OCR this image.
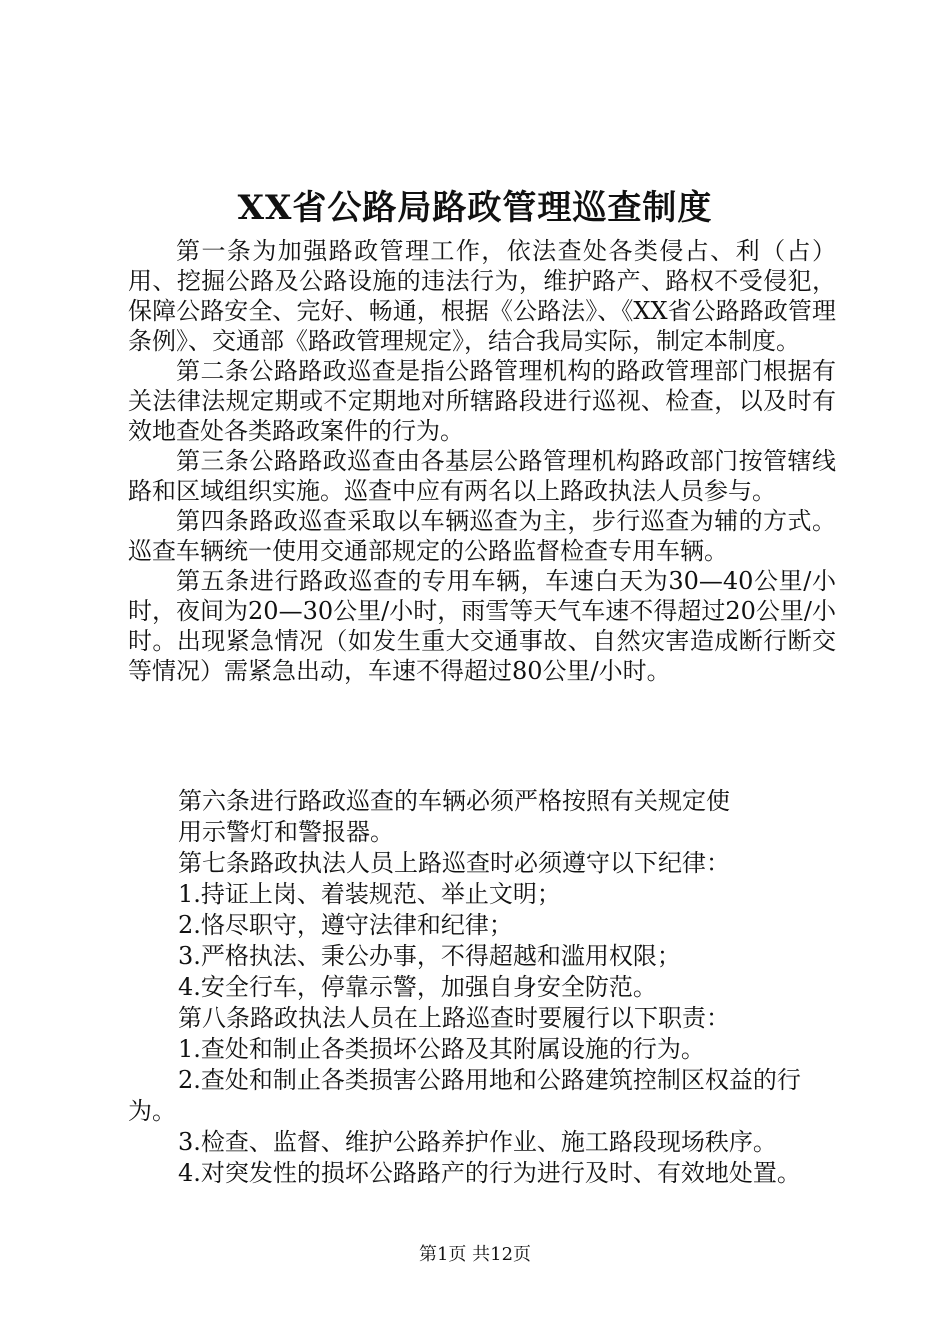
XX省公路局路政管理巡查制度

第一条为加强路政管理工作，依法查处各类侵占、利（占）用、挖掘公路及公路设施的违法行为，维护路产、路权不受侵犯，保障公路安全、完好、畅通，根据《公路法》、《XX省公路路政管理条例》、交通部《路政管理规定》，结合我局实际，制定本制度。

第二条公路路政巡查是指公路管理机构的路政管理部门根据有关法律法规定期或不定期地对所辖路段进行巡视、检查，以及时有效地查处各类路政案件的行为。

第三条公路路政巡查由各基层公路管理机构路政部门按管辖线路和区域组织实施。巡查中应有两名以上路政执法人员参与。

第四条路政巡查采取以车辆巡查为主，步行巡查为辅的方式。巡查车辆统一使用交通部规定的公路监督检查专用车辆。

第五条进行路政巡查的专用车辆，车速白天为30—40公里/小时，夜间为20—30公里/小时，雨雪等天气车速不得超过20公里/小时。出现紧急情况（如发生重大交通事故、自然灾害造成断行断交等情况）需紧急出动，车速不得超过80公里/小时。

第六条进行路政巡查的车辆必须严格按照有关规定使

用示警灯和警报器。

第七条路政执法人员上路巡查时必须遵守以下纪律：

1.持证上岗、着装规范、举止文明；

2.恪尽职守，遵守法律和纪律；

3.严格执法、秉公办事，不得超越和滥用权限；

4.安全行车，停靠示警，加强自身安全防范。

第八条路政执法人员在上路巡查时要履行以下职责：

1.查处和制止各类损坏公路及其附属设施的行为。

2.查处和制止各类损害公路用地和公路建筑控制区权益的行为。

3.检查、监督、维护公路养护作业、施工路段现场秩序。

4.对突发性的损坏公路路产的行为进行及时、有效地处置。

第1页 共12页
